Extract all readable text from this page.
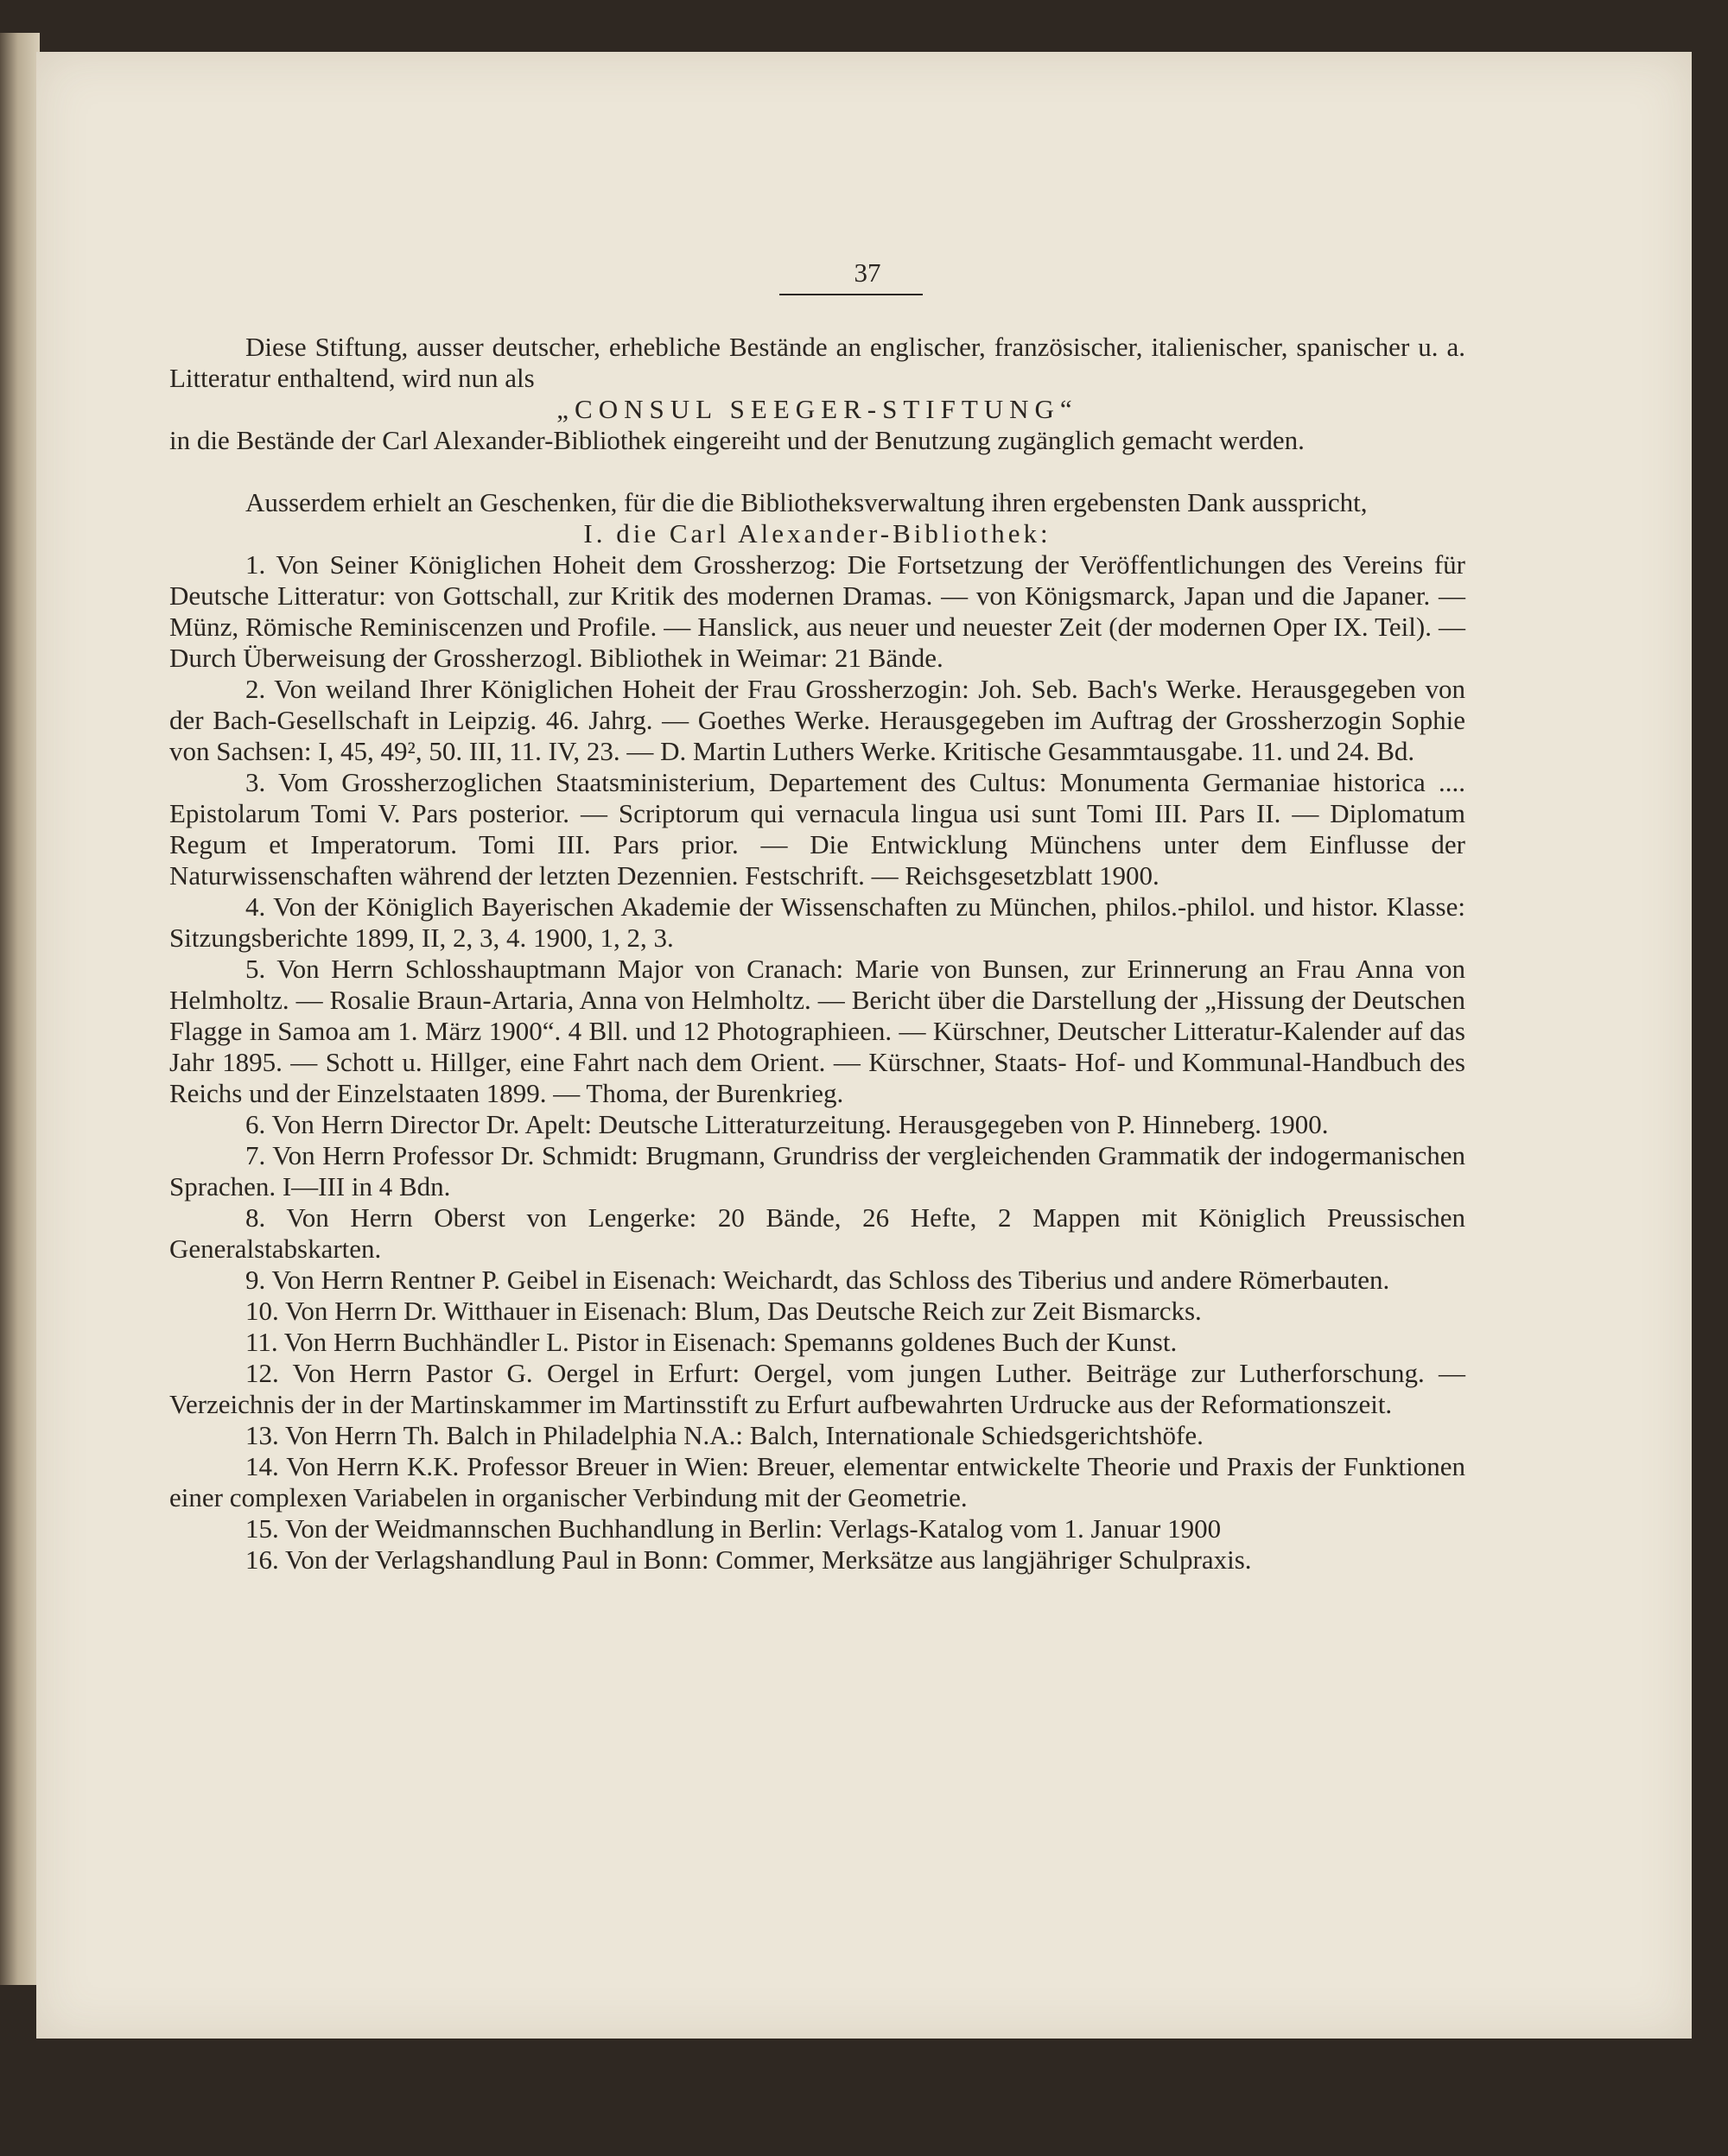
37

Diese Stiftung, ausser deutscher, erhebliche Bestände an englischer, französischer, italienischer, spanischer u. a. Litteratur enthaltend, wird nun als

„CONSUL SEEGER-STIFTUNG“

in die Bestände der Carl Alexander-Bibliothek eingereiht und der Benutzung zugänglich gemacht werden.

Ausserdem erhielt an Geschenken, für die die Bibliotheksverwaltung ihren ergebensten Dank ausspricht,

I. die Carl Alexander-Bibliothek:

1. Von Seiner Königlichen Hoheit dem Grossherzog: Die Fortsetzung der Veröffentlichungen des Vereins für Deutsche Litteratur: von Gottschall, zur Kritik des modernen Dramas. — von Königsmarck, Japan und die Japaner. — Münz, Römische Reminiscenzen und Profile. — Hanslick, aus neuer und neuester Zeit (der modernen Oper IX. Teil). — Durch Überweisung der Grossherzogl. Bibliothek in Weimar: 21 Bände.

2. Von weiland Ihrer Königlichen Hoheit der Frau Grossherzogin: Joh. Seb. Bach's Werke. Herausgegeben von der Bach-Gesellschaft in Leipzig. 46. Jahrg. — Goethes Werke. Herausgegeben im Auftrag der Grossherzogin Sophie von Sachsen: I, 45, 49², 50. III, 11. IV, 23. — D. Martin Luthers Werke. Kritische Gesammtausgabe. 11. und 24. Bd.

3. Vom Grossherzoglichen Staatsministerium, Departement des Cultus: Monumenta Germaniae historica .... Epistolarum Tomi V. Pars posterior. — Scriptorum qui vernacula lingua usi sunt Tomi III. Pars II. — Diplomatum Regum et Imperatorum. Tomi III. Pars prior. — Die Entwicklung Münchens unter dem Einflusse der Naturwissenschaften während der letzten Dezennien. Festschrift. — Reichsgesetzblatt 1900.

4. Von der Königlich Bayerischen Akademie der Wissenschaften zu München, philos.-philol. und histor. Klasse: Sitzungsberichte 1899, II, 2, 3, 4. 1900, 1, 2, 3.

5. Von Herrn Schlosshauptmann Major von Cranach: Marie von Bunsen, zur Erinnerung an Frau Anna von Helmholtz. — Rosalie Braun-Artaria, Anna von Helmholtz. — Bericht über die Darstellung der „Hissung der Deutschen Flagge in Samoa am 1. März 1900“. 4 Bll. und 12 Photographieen. — Kürschner, Deutscher Litteratur-Kalender auf das Jahr 1895. — Schott u. Hillger, eine Fahrt nach dem Orient. — Kürschner, Staats- Hof- und Kommunal-Handbuch des Reichs und der Einzelstaaten 1899. — Thoma, der Burenkrieg.

6. Von Herrn Director Dr. Apelt: Deutsche Litteraturzeitung. Herausgegeben von P. Hinneberg. 1900.

7. Von Herrn Professor Dr. Schmidt: Brugmann, Grundriss der vergleichenden Grammatik der indogermanischen Sprachen. I—III in 4 Bdn.

8. Von Herrn Oberst von Lengerke: 20 Bände, 26 Hefte, 2 Mappen mit Königlich Preussischen Generalstabskarten.

9. Von Herrn Rentner P. Geibel in Eisenach: Weichardt, das Schloss des Tiberius und andere Römerbauten.

10. Von Herrn Dr. Witthauer in Eisenach: Blum, Das Deutsche Reich zur Zeit Bismarcks.

11. Von Herrn Buchhändler L. Pistor in Eisenach: Spemanns goldenes Buch der Kunst.

12. Von Herrn Pastor G. Oergel in Erfurt: Oergel, vom jungen Luther. Beiträge zur Lutherforschung. — Verzeichnis der in der Martinskammer im Martinsstift zu Erfurt aufbewahrten Urdrucke aus der Reformationszeit.

13. Von Herrn Th. Balch in Philadelphia N.A.: Balch, Internationale Schiedsgerichtshöfe.

14. Von Herrn K.K. Professor Breuer in Wien: Breuer, elementar entwickelte Theorie und Praxis der Funktionen einer complexen Variabelen in organischer Verbindung mit der Geometrie.

15. Von der Weidmannschen Buchhandlung in Berlin: Verlags-Katalog vom 1. Januar 1900

16. Von der Verlagshandlung Paul in Bonn: Commer, Merksätze aus langjähriger Schulpraxis.
